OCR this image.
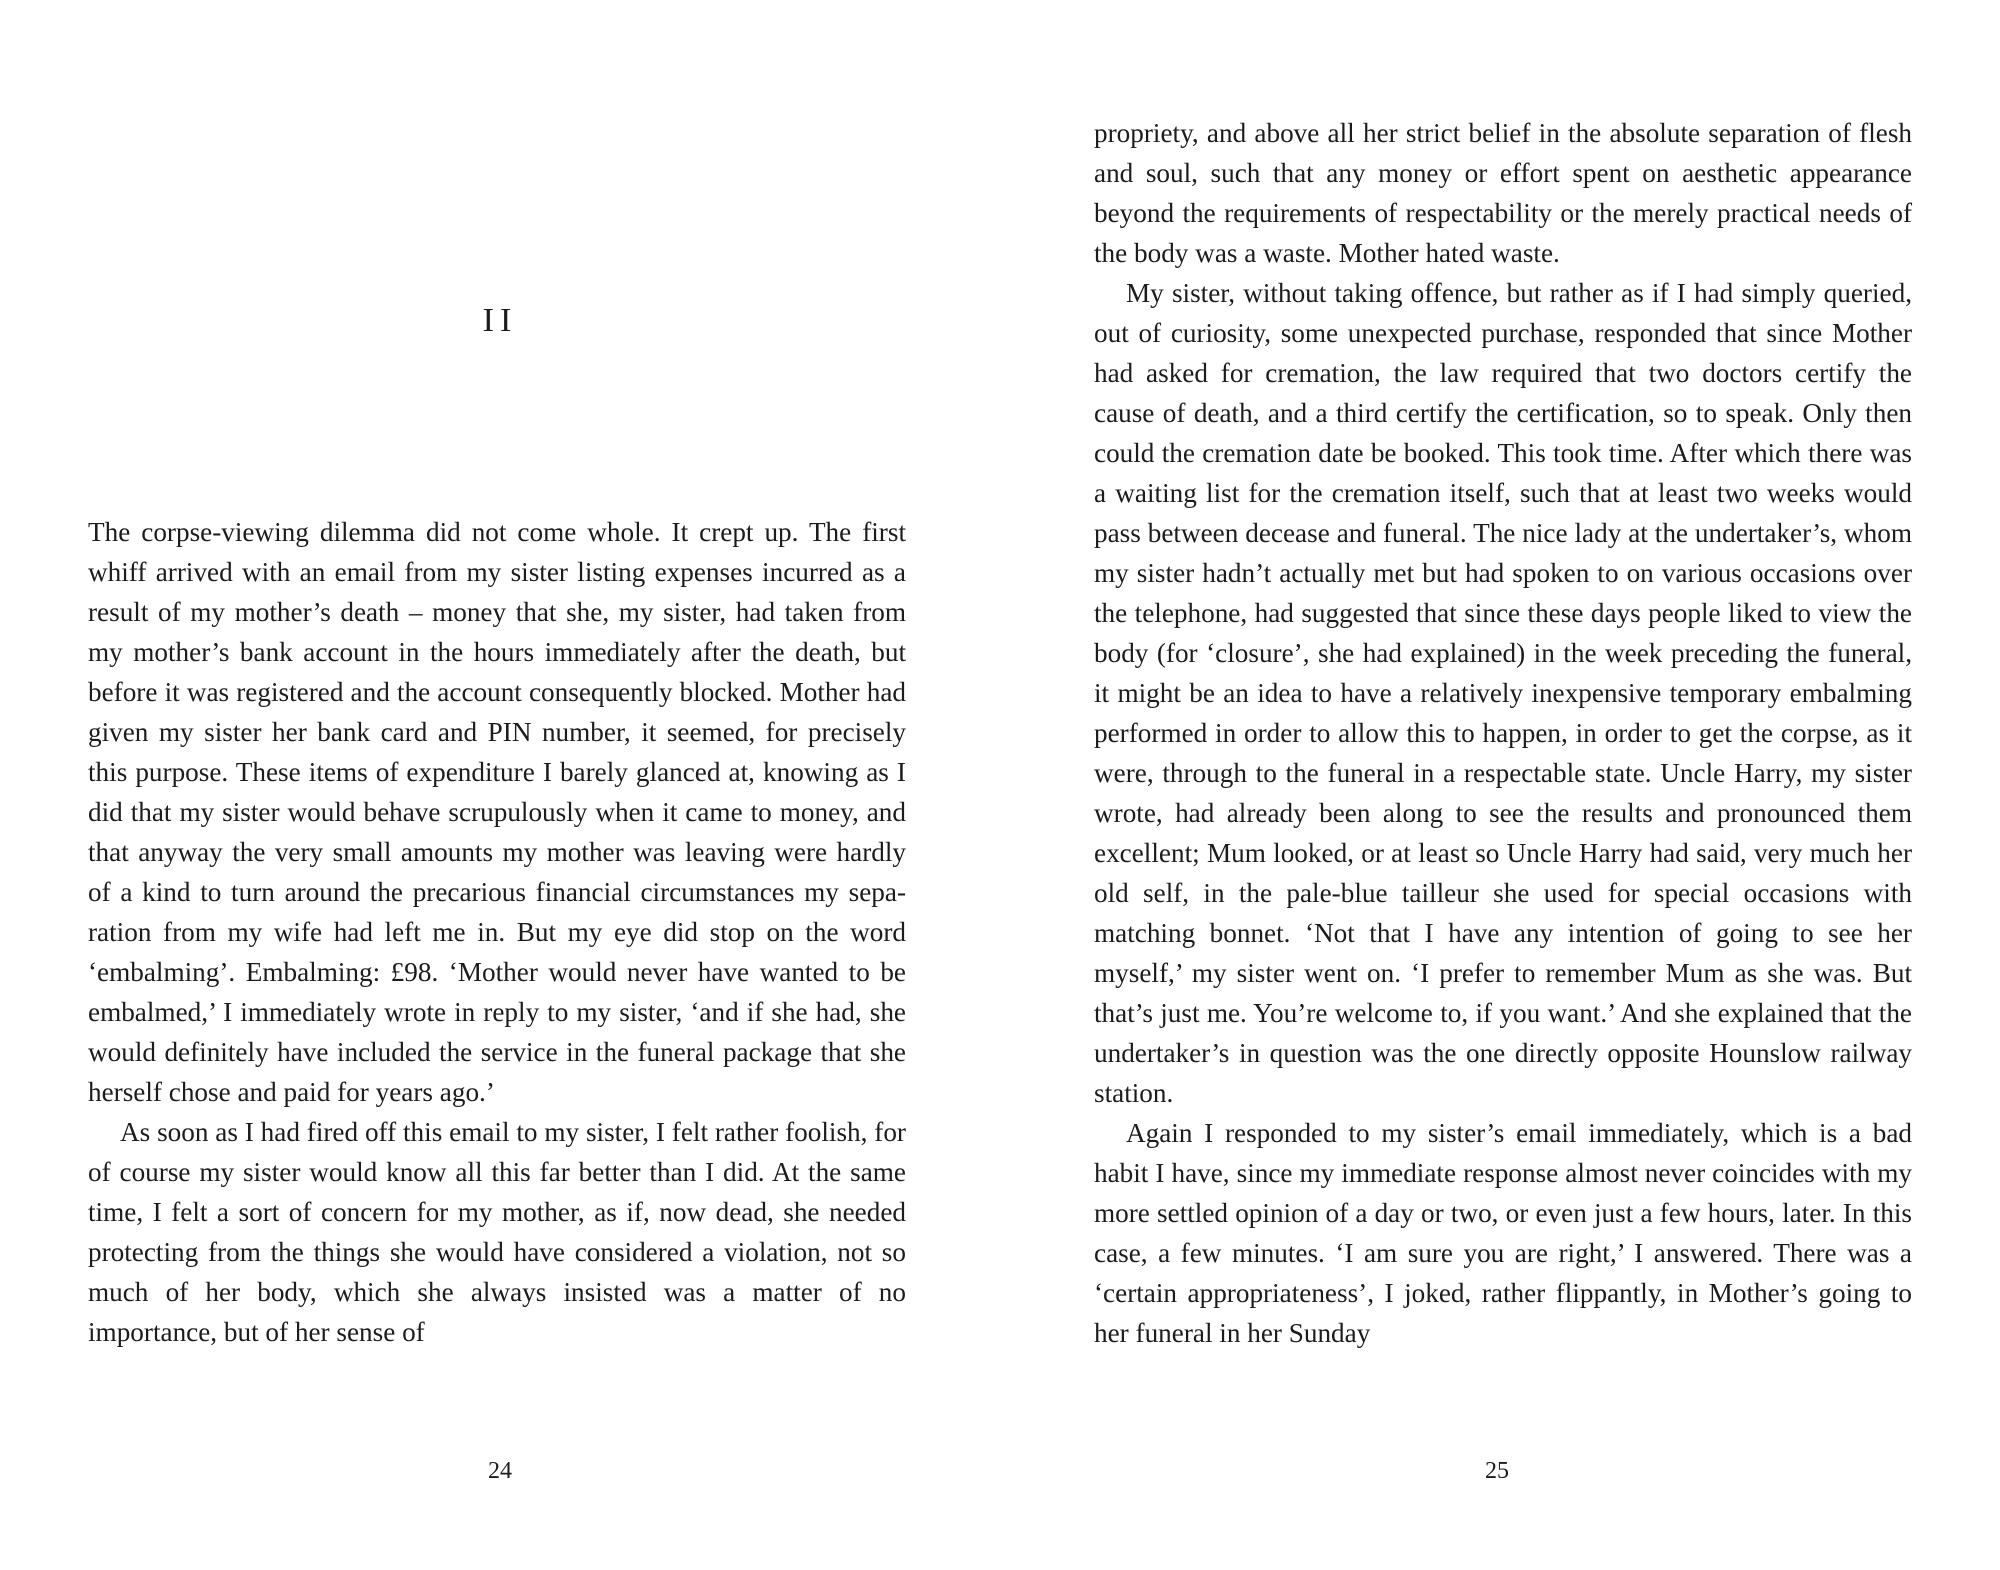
II

The corpse-viewing dilemma did not come whole. It crept up. The first whiff arrived with an email from my sister listing expenses incurred as a result of my mother’s death – money that she, my sister, had taken from my mother’s bank account in the hours immediately after the death, but before it was registered and the account consequently blocked. Mother had given my sister her bank card and PIN number, it seemed, for precisely this purpose. These items of expenditure I barely glanced at, knowing as I did that my sister would behave scrupulously when it came to money, and that anyway the very small amounts my mother was leaving were hardly of a kind to turn around the precarious financial circumstances my separation from my wife had left me in. But my eye did stop on the word ‘embalming’. Embalming: £98. ‘Mother would never have wanted to be embalmed,’ I immediately wrote in reply to my sister, ‘and if she had, she would definitely have included the service in the funeral package that she herself chose and paid for years ago.’

As soon as I had fired off this email to my sister, I felt rather foolish, for of course my sister would know all this far better than I did. At the same time, I felt a sort of concern for my mother, as if, now dead, she needed protecting from the things she would have considered a violation, not so much of her body, which she always insisted was a matter of no importance, but of her sense of

24

propriety, and above all her strict belief in the absolute separation of flesh and soul, such that any money or effort spent on aesthetic appearance beyond the requirements of respectability or the merely practical needs of the body was a waste. Mother hated waste.

My sister, without taking offence, but rather as if I had simply queried, out of curiosity, some unexpected purchase, responded that since Mother had asked for cremation, the law required that two doctors certify the cause of death, and a third certify the certification, so to speak. Only then could the cremation date be booked. This took time. After which there was a waiting list for the cremation itself, such that at least two weeks would pass between decease and funeral. The nice lady at the undertaker’s, whom my sister hadn’t actually met but had spoken to on various occasions over the telephone, had suggested that since these days people liked to view the body (for ‘closure’, she had explained) in the week preceding the funeral, it might be an idea to have a relatively inexpensive temporary embalming performed in order to allow this to happen, in order to get the corpse, as it were, through to the funeral in a respectable state. Uncle Harry, my sister wrote, had already been along to see the results and pronounced them excellent; Mum looked, or at least so Uncle Harry had said, very much her old self, in the pale-blue tailleur she used for special occasions with matching bonnet. ‘Not that I have any intention of going to see her myself,’ my sister went on. ‘I prefer to remember Mum as she was. But that’s just me. You’re welcome to, if you want.’ And she explained that the undertaker’s in question was the one directly opposite Hounslow railway station.

Again I responded to my sister’s email immediately, which is a bad habit I have, since my immediate response almost never coincides with my more settled opinion of a day or two, or even just a few hours, later. In this case, a few minutes. ‘I am sure you are right,’ I answered. There was a ‘certain appropriateness’, I joked, rather flippantly, in Mother’s going to her funeral in her Sunday

25
